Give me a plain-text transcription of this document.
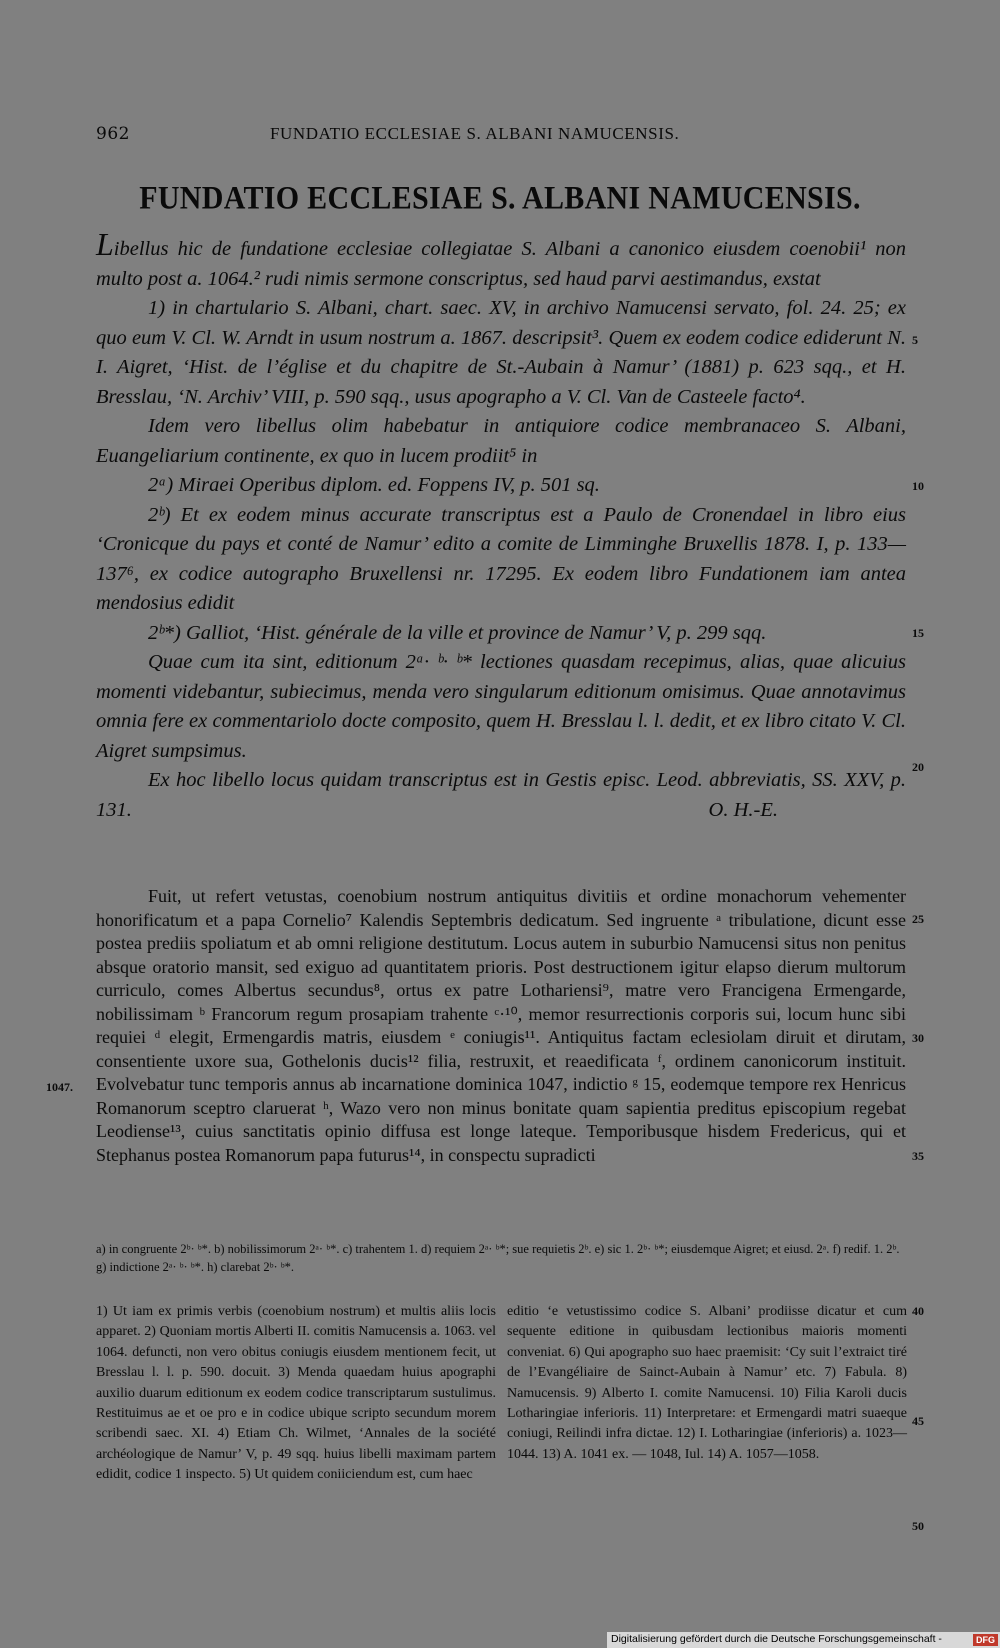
962	FUNDATIO ECCLESIAE S. ALBANI NAMUCENSIS.
FUNDATIO ECCLESIAE S. ALBANI NAMUCENSIS.

Libellus hic de fundatione ecclesiae collegiatae S. Albani a canonico eiusdem coenobii¹ non multo post a. 1064.² rudi nimis sermone conscriptus, sed haud parvi aestimandus, exstat

1) in chartulario S. Albani, chart. saec. XV, in archivo Namucensi servato, fol. 24. 25; ex quo eum V. Cl. W. Arndt in usum nostrum a. 1867. descripsit³. Quem ex eodem codice ediderunt N. I. Aigret, ‘Hist. de l’église et du chapitre de St.-Aubain à Namur’ (1881) p. 623 sqq., et H. Bresslau, ‘N. Archiv’ VIII, p. 590 sqq., usus apographo a V. Cl. Van de Casteele facto⁴.

Idem vero libellus olim habebatur in antiquiore codice membranaceo S. Albani, Euangeliarium continente, ex quo in lucem prodiit⁵ in

2ᵃ) Miraei Operibus diplom. ed. Foppens IV, p. 501 sq.

2ᵇ) Et ex eodem minus accurate transcriptus est a Paulo de Cronendael in libro eius ‘Cronicque du pays et conté de Namur’ edito a comite de Limminghe Bruxellis 1878. I, p. 133—137⁶, ex codice autographo Bruxellensi nr. 17295. Ex eodem libro Fundationem iam antea mendosius edidit

2ᵇ*) Galliot, ‘Hist. générale de la ville et province de Namur’ V, p. 299 sqq.

Quae cum ita sint, editionum 2ᵃ· ᵇ· ᵇ* lectiones quasdam recepimus, alias, quae alicuius momenti videbantur, subiecimus, menda vero singularum editionum omisimus. Quae annotavimus omnia fere ex commentariolo docte composito, quem H. Bresslau l. l. dedit, et ex libro citato V. Cl. Aigret sumpsimus.

Ex hoc libello locus quidam transcriptus est in Gestis episc. Leod. abbreviatis, SS. XXV, p. 131.	O. H.-E.

Fuit, ut refert vetustas, coenobium nostrum antiquitus divitiis et ordine monachorum vehementer honorificatum et a papa Cornelio⁷ Kalendis Septembris dedicatum. Sed ingruente ᵃ tribulatione, dicunt esse postea prediis spoliatum et ab omni religione destitutum. Locus autem in suburbio Namucensi situs non penitus absque oratorio mansit, sed exiguo ad quantitatem prioris. Post destructionem igitur elapso dierum multorum curriculo, comes Albertus secundus⁸, ortus ex patre Lothariensi⁹, matre vero Francigena Ermengarde, nobilissimam ᵇ Francorum regum prosapiam trahente ᶜ·¹⁰, memor resurrectionis corporis sui, locum hunc sibi requiei ᵈ elegit, Ermengardis matris, eiusdem ᵉ coniugis¹¹. Antiquitus factam eclesiolam diruit et dirutam, consentiente uxore sua, Gothelonis ducis¹² filia, restruxit, et reaedificata ᶠ, ordinem canonicorum instituit. Evolvebatur tunc temporis annus ab incarnatione dominica 1047, indictio ᵍ 15, eodemque tempore rex Henricus Romanorum sceptro claruerat ʰ, Wazo vero non minus bonitate quam sapientia preditus episcopium regebat Leodiense¹³, cuius sanctitatis opinio diffusa est longe lateque. Temporibusque hisdem Fredericus, qui et Stephanus postea Romanorum papa futurus¹⁴, in conspectu supradicti

1047.
5
10
15
20
25
30
35
40
45
50

a) in congruente 2ᵇ· ᵇ*. b) nobilissimorum 2ᵃ· ᵇ*. c) trahentem 1. d) requiem 2ᵃ· ᵇ*; sue requietis 2ᵇ. e) sic 1. 2ᵇ· ᵇ*; eiusdemque Aigret; et eiusd. 2ᵃ. f) redif. 1. 2ᵇ. g) indictione 2ᵃ· ᵇ· ᵇ*. h) clarebat 2ᵇ· ᵇ*.

1) Ut iam ex primis verbis (coenobium nostrum) et multis aliis locis apparet. 2) Quoniam mortis Alberti II. comitis Namucensis a. 1063. vel 1064. defuncti, non vero obitus coniugis eiusdem mentionem fecit, ut Bresslau l. l. p. 590. docuit. 3) Menda quaedam huius apographi auxilio duarum editionum ex eodem codice transcriptarum sustulimus. Restituimus ae et oe pro e in codice ubique scripto secundum morem scribendi saec. XI. 4) Etiam Ch. Wilmet, ‘Annales de la société archéologique de Namur’ V, p. 49 sqq. huius libelli maximam partem edidit, codice 1 inspecto. 5) Ut quidem coniiciendum est, cum haec
editio ‘e vetustissimo codice S. Albani’ prodiisse dicatur et cum sequente editione in quibusdam lectionibus maioris momenti conveniat. 6) Qui apographo suo haec praemisit: ‘Cy suit l’extraict tiré de l’Evangéliaire de Sainct-Aubain à Namur’ etc. 7) Fabula. 8) Namucensis. 9) Alberto I. comite Namucensi. 10) Filia Karoli ducis Lotharingiae inferioris. 11) Interpretare: et Ermengardi matri suaeque coniugi, Reilindi infra dictae. 12) I. Lotharingiae (inferioris) a. 1023—1044. 13) A. 1041 ex. — 1048, Iul. 14) A. 1057—1058.
Digitalisierung gefördert durch die Deutsche Forschungsgemeinschaft -	DFG
